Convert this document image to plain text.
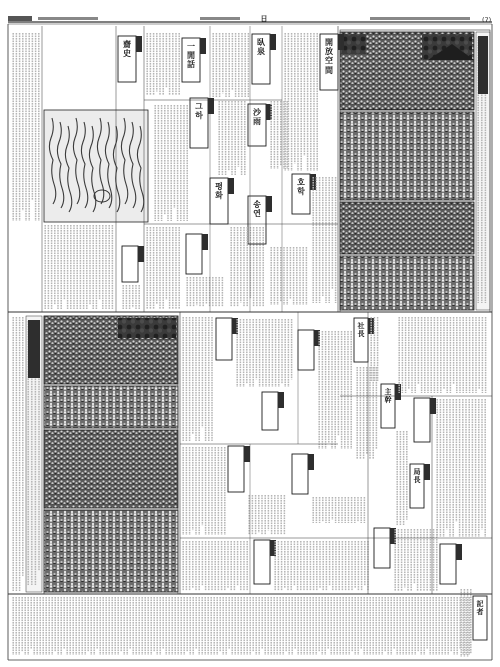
(7)
日
開放空間
臥泉
一閒話
齋史
沙雨
호학
송연
평화
그하
社長
主幹
局長
記者
